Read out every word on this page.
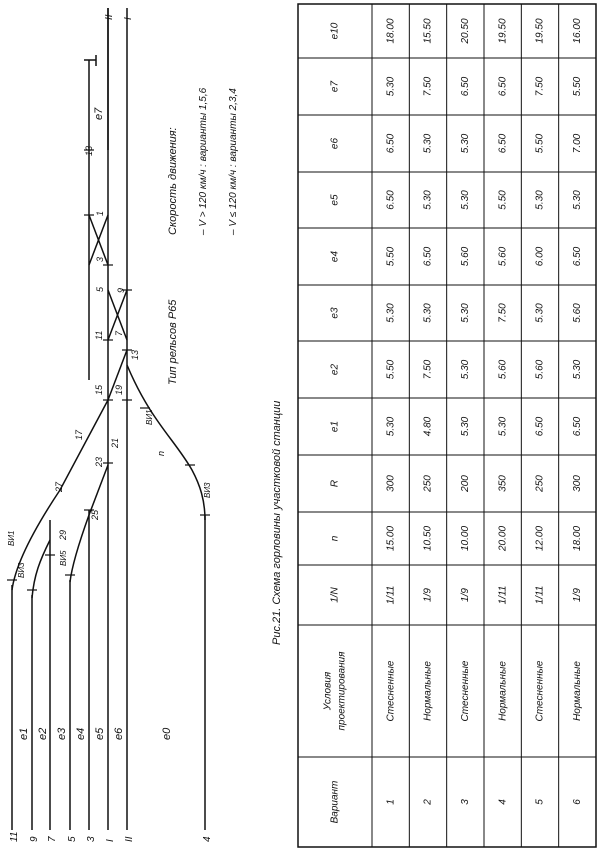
11 9 7 5 3 I II	4
II I
e1 e2 e3 e4 e5 e6	e0
e7
27
29
25
23
21
19
17
15
13
11
9
7
5
3
1
13
ВИ1
ВИ3
ВИ5
ВИ1
ВИ3
n
Тип рельсов Р65
Скорость движения: – V > 120 км/ч : варианты 1,5,6 – V ≤ 120 км/ч : варианты 2,3,4
Рис.21. Схема горловины участковой станции
Вариант
Условия проектирования
1/N
n
R
e1
e2
e3
e4
e5
e6
e7
e10
1
Стесненные
1/11
15.00
300
5.30
5.50
5.30
5.50
6.50
6.50
5.30
18.00
2
Нормальные
1/9
10.50
250
4.80
7.50
5.30
6.50
5.30
5.30
7.50
15.50
3
Стесненные
1/9
10.00
200
5.30
5.30
5.30
5.60
5.30
5.30
6.50
20.50
4
Нормальные
1/11
20.00
350
5.30
5.60
7.50
5.60
5.50
6.50
6.50
19.50
5
Стесненные
1/11
12.00
250
6.50
5.60
5.30
6.00
5.30
5.50
7.50
19.50
6
Нормальные
1/9
18.00
300
6.50
5.30
5.60
6.50
5.30
7.00
5.50
16.00
